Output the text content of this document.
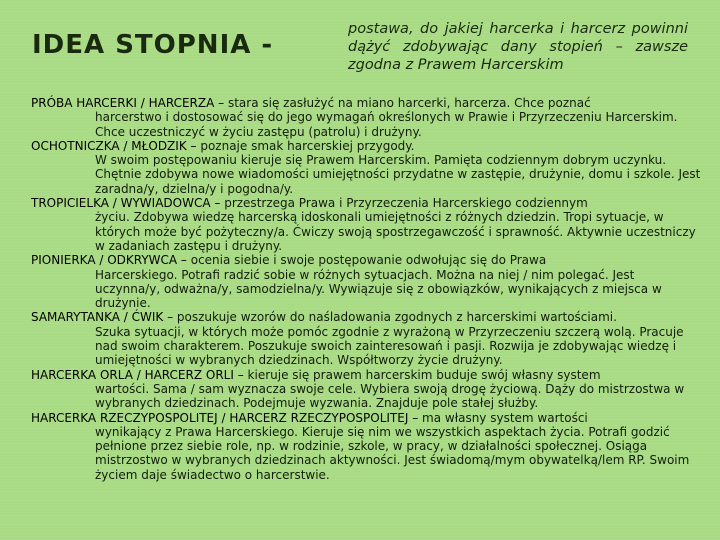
IDEA STOPNIA -
postawa, do jakiej harcerka i harcerz powinni dążyć zdobywając dany stopień – zawsze zgodna z Prawem Harcerskim
PRÓBA HARCERKI / HARCERZA – stara się zasłużyć na miano harcerki, harcerza. Chce poznać
harcerstwo i dostosować się do jego wymagań określonych w Prawie i Przyrzeczeniu Harcerskim. Chce uczestniczyć w życiu zastępu (patrolu) i drużyny.
OCHOTNICZKA / MŁODZIK – poznaje smak harcerskiej przygody.
W swoim postępowaniu kieruje się Prawem Harcerskim. Pamięta codziennym dobrym uczynku. Chętnie zdobywa nowe wiadomości umiejętności przydatne w zastępie, drużynie, domu i szkole. Jest zaradna/y, dzielna/y i pogodna/y.
TROPICIELKA / WYWIADOWCA – przestrzega Prawa i Przyrzeczenia Harcerskiego codziennym
życiu. Zdobywa wiedzę harcerską idoskonali umiejętności z różnych dziedzin. Tropi sytuacje, w których może być pożyteczny/a. Ćwiczy swoją spostrzegawczość i sprawność. Aktywnie uczestniczy w zadaniach zastępu i drużyny.
PIONIERKA / ODKRYWCA – ocenia siebie i swoje postępowanie odwołując się do Prawa
Harcerskiego. Potrafi radzić sobie w różnych sytuacjach. Można na niej / nim polegać. Jest uczynna/y, odważna/y, samodzielna/y. Wywiązuje się z obowiązków, wynikających z miejsca w drużynie.
SAMARYTANKA / ĆWIK – poszukuje wzorów do naśladowania zgodnych z harcerskimi wartościami.
Szuka sytuacji, w których może pomóc zgodnie z wyrażoną w Przyrzeczeniu szczerą wolą. Pracuje nad swoim charakterem. Poszukuje swoich zainteresowań i pasji. Rozwija je zdobywając wiedzę i umiejętności w wybranych dziedzinach. Współtworzy życie drużyny.
HARCERKA ORLA / HARCERZ ORLI – kieruje się prawem harcerskim buduje swój własny system
wartości. Sama / sam wyznacza swoje cele. Wybiera swoją drogę życiową. Dąży do mistrzostwa w wybranych dziedzinach. Podejmuje wyzwania. Znajduje pole stałej służby.
HARCERKA RZECZYPOSPOLITEJ / HARCERZ RZECZYPOSPOLITEJ – ma własny system wartości
wynikający z Prawa Harcerskiego. Kieruje się nim we wszystkich aspektach życia. Potrafi godzić pełnione przez siebie role, np. w rodzinie, szkole, w pracy, w działalności społecznej. Osiąga mistrzostwo w wybranych dziedzinach aktywności. Jest świadomą/mym obywatelką/lem RP. Swoim życiem daje świadectwo o harcerstwie.
